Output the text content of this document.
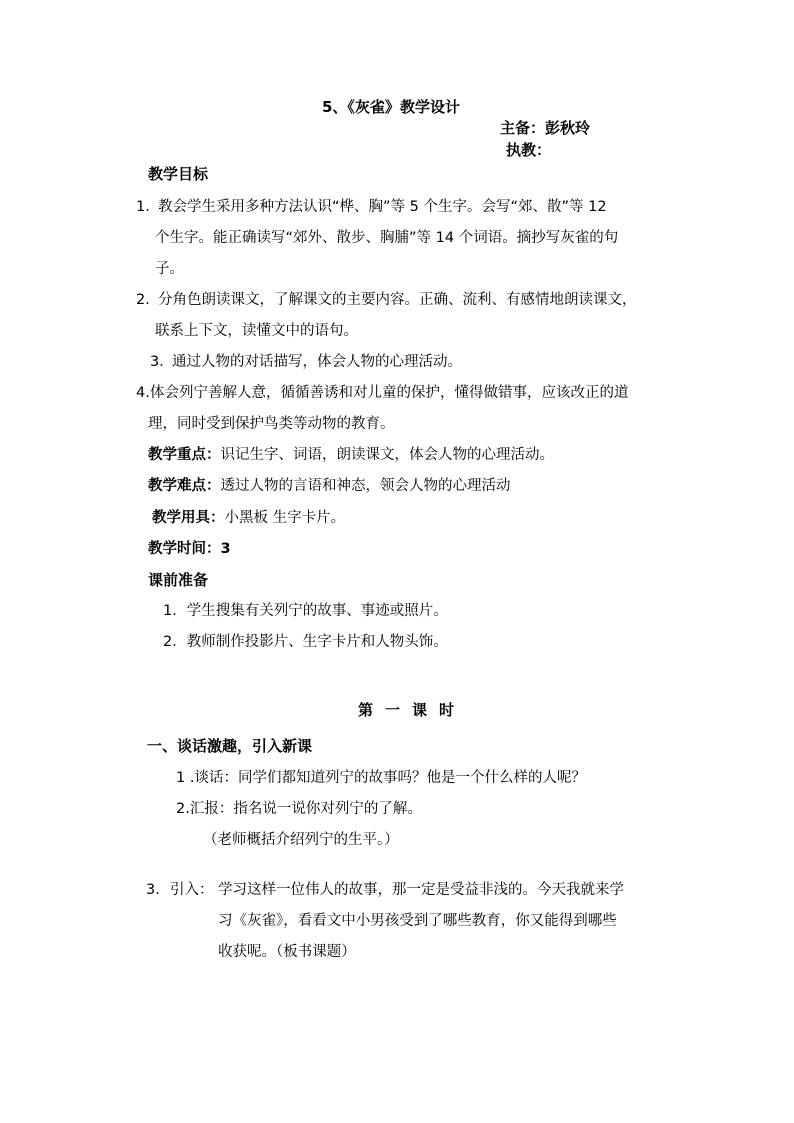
5、《灰雀》教学设计
主备：彭秋玲
执教：
教学目标
1．
教会学生采用多种方法认识“桦、胸”等 5 个生字。会写“郊、散”等 12
个生字。能正确读写“郊外、散步、胸脯”等 14 个词语。摘抄写灰雀的句
子。
2．
分角色朗读课文，了解课文的主要内容。正确、流利、有感情地朗读课文，
联系上下文，读懂文中的语句。
3．
通过人物的对话描写，体会人物的心理活动。
4. 体会列宁善解人意，循循善诱和对儿童的保护，懂得做错事，应该改正的道
理，同时受到保护鸟类等动物的教育。
教学重点：识记生字、词语，朗读课文，体会人物的心理活动。
教学难点：透过人物的言语和神态，领会人物的心理活动
教学用具：小黑板 生字卡片。
教学时间：3
课前准备
1．学生搜集有关列宁的故事、事迹或照片。
2．教师制作投影片、生字卡片和人物头饰。
第一课时
一、谈话激趣，引入新课
1 .谈话：同学们都知道列宁的故事吗？他是一个什么样的人呢？
2.汇报：指名说一说你对列宁的了解。
（老师概括介绍列宁的生平。）
3． 引入： 学习这样一位伟人的故事，那一定是受益非浅的。今天我就来学
习《灰雀》，看看文中小男孩受到了哪些教育，你又能得到哪些
收获呢。（板书课题）
